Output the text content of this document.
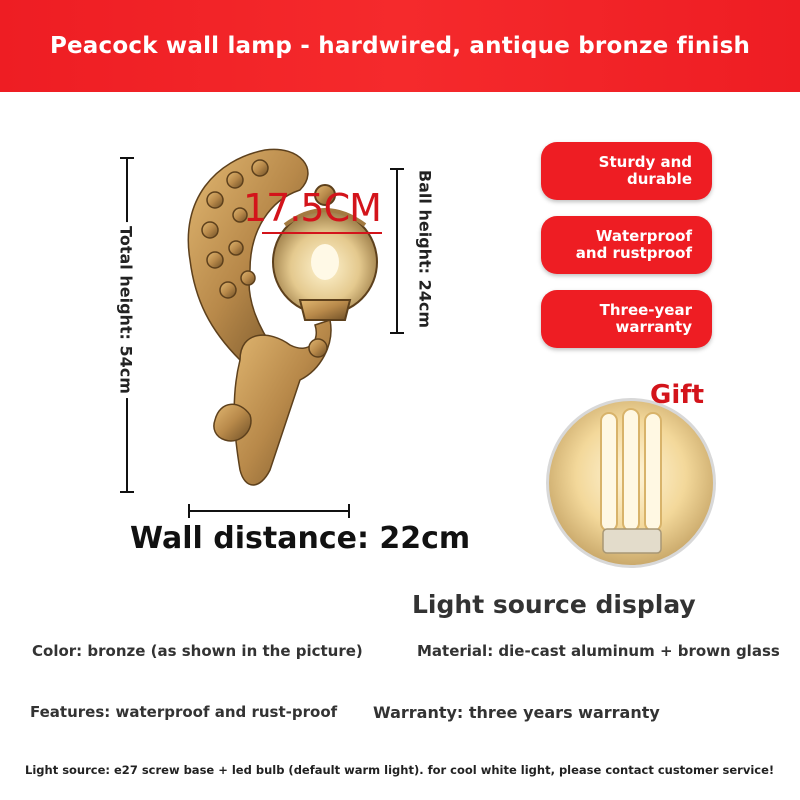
Peacock wall lamp - hardwired, antique bronze finish
Total height: 54cm	Ball height: 24cm
17.5CM
Wall distance: 22cm
Sturdy and durable
Waterproof and rustproof
Three-year warranty
Gift
Light source display
Color: bronze (as shown in the picture)	Material: die-cast aluminum + brown glass
Features: waterproof and rust-proof Warranty: three years warranty
Light source: e27 screw base + led bulb (default warm light). for cool white light, please contact customer service!
